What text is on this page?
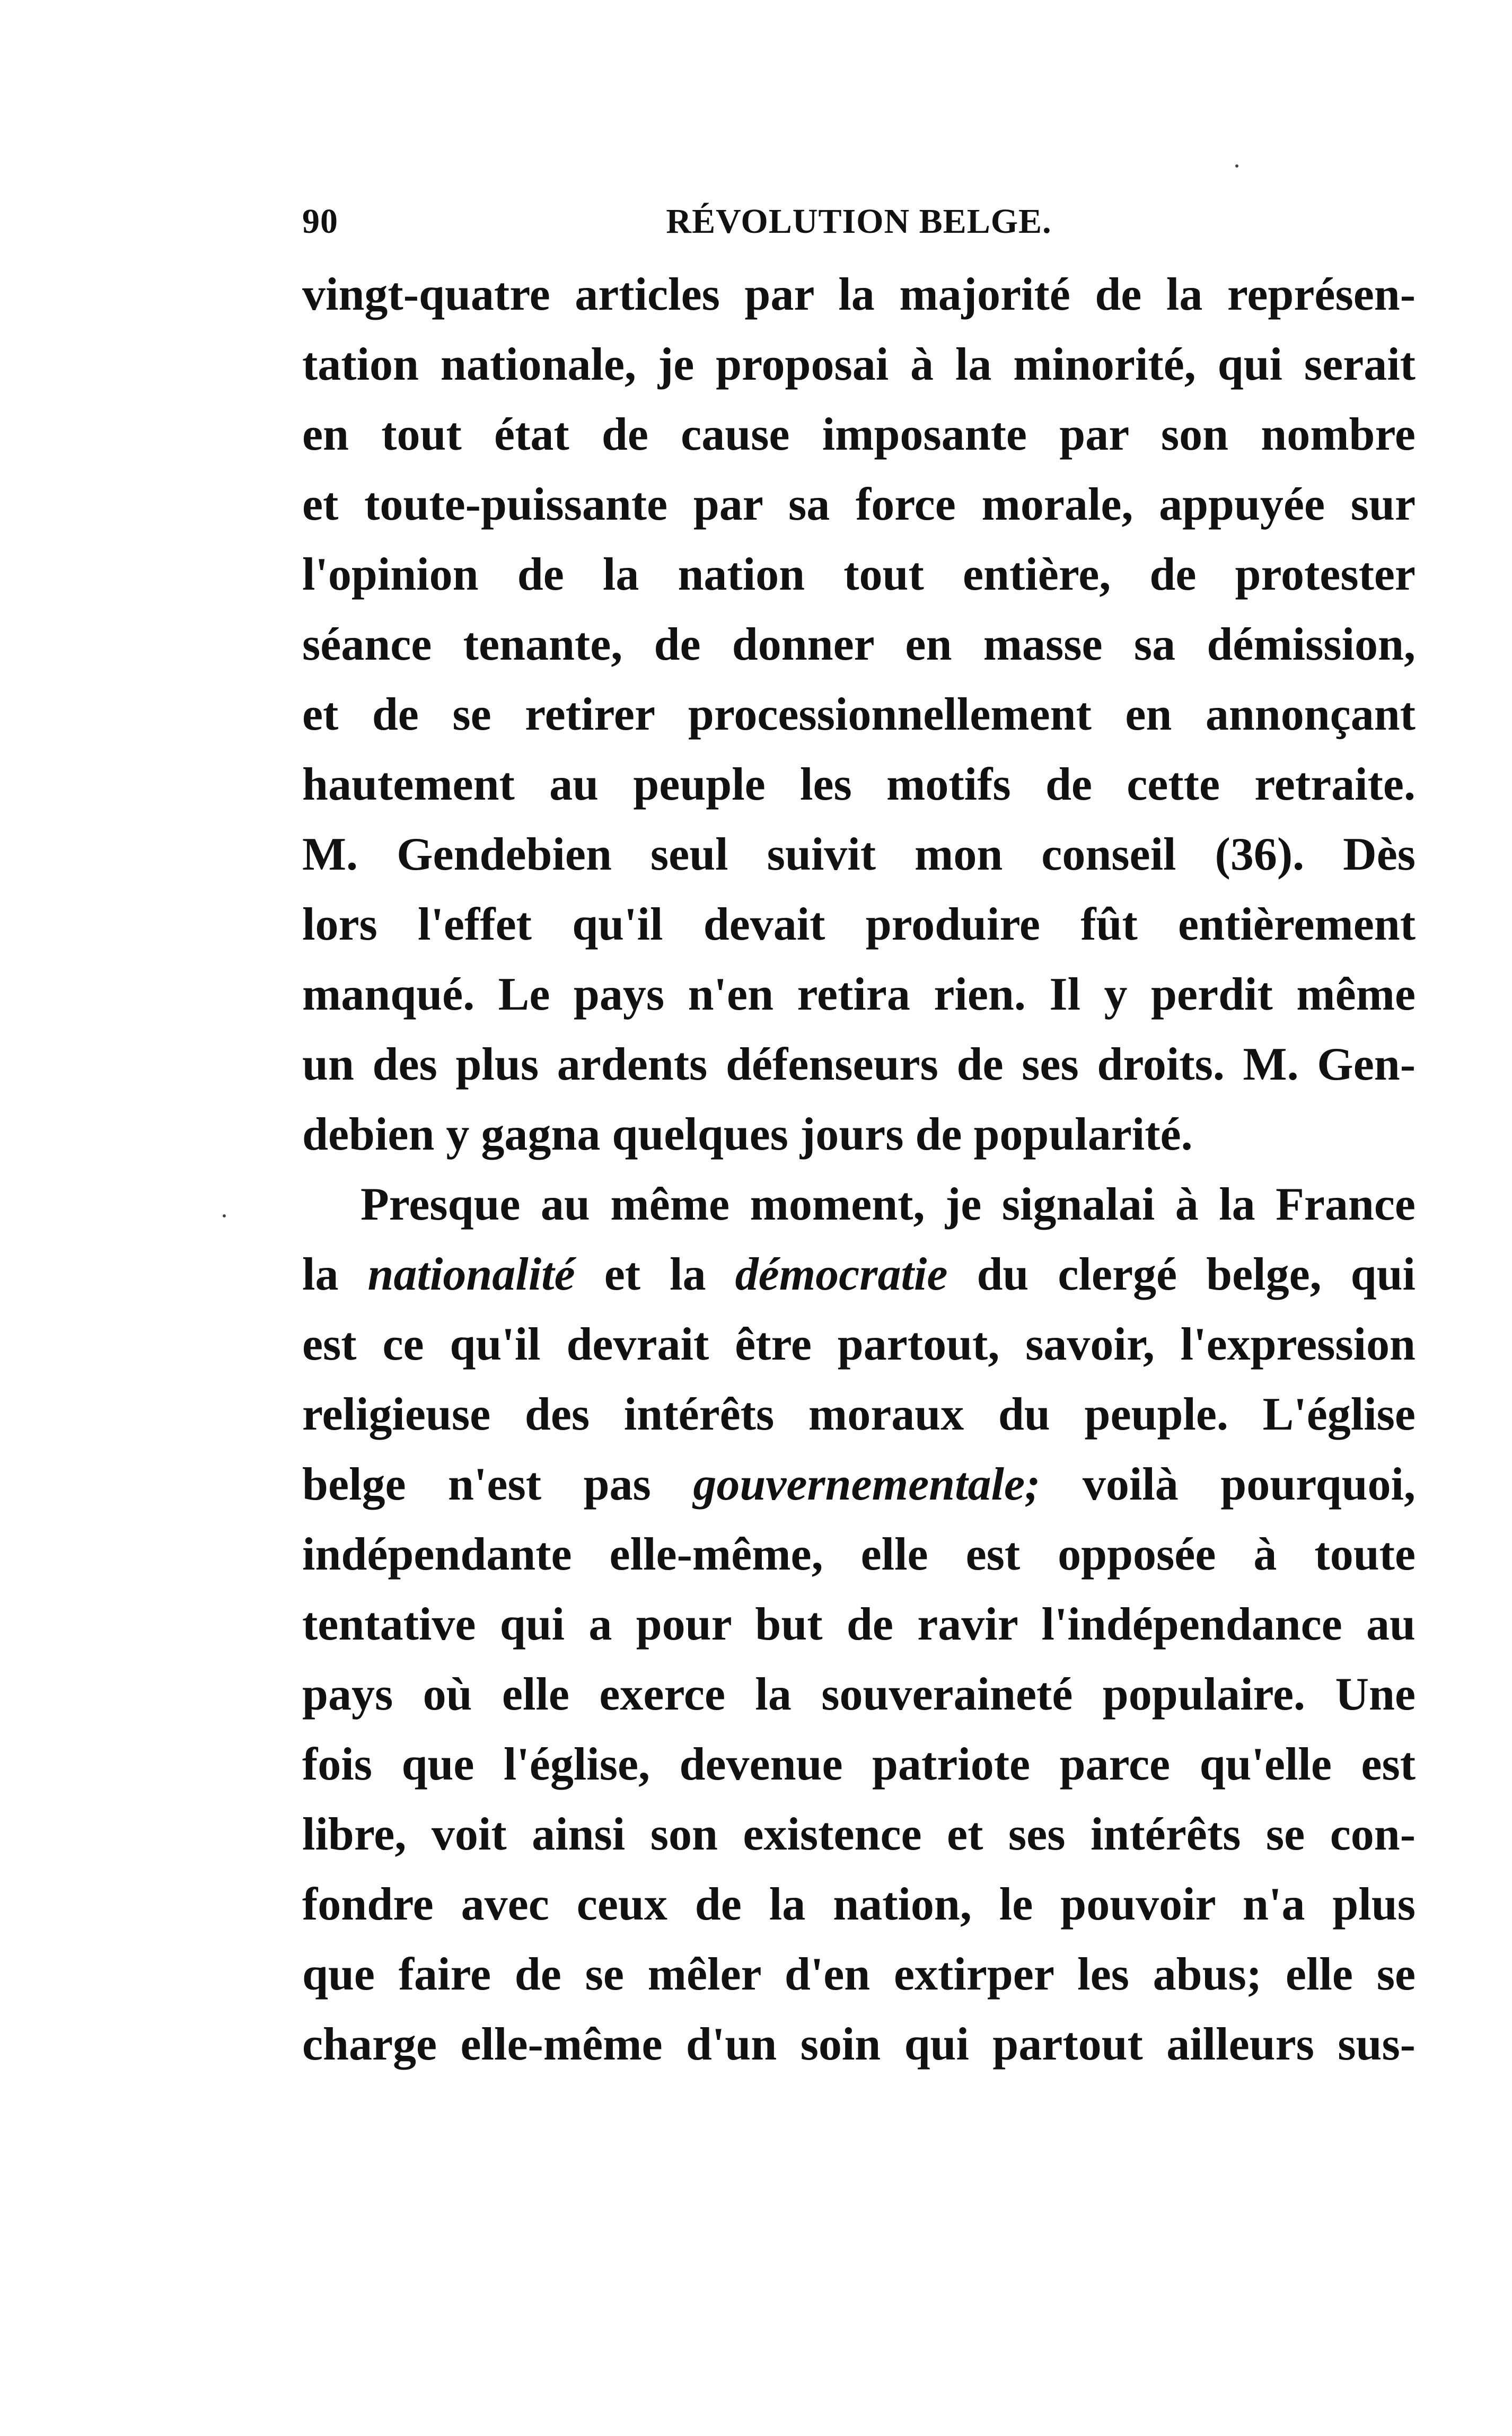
90	RÉVOLUTION BELGE.
vingt-quatre articles par la majorité de la représen-
tation nationale, je proposai à la minorité, qui serait
en tout état de cause imposante par son nombre
et toute-puissante par sa force morale, appuyée sur
l'opinion de la nation tout entière, de protester
séance tenante, de donner en masse sa démission,
et de se retirer processionnellement en annonçant
hautement au peuple les motifs de cette retraite.
M. Gendebien seul suivit mon conseil (36). Dès
lors l'effet qu'il devait produire fût entièrement
manqué. Le pays n'en retira rien. Il y perdit même
un des plus ardents défenseurs de ses droits. M. Gen-
debien y gagna quelques jours de popularité.
Presque au même moment, je signalai à la France
la nationalité et la démocratie du clergé belge, qui
est ce qu'il devrait être partout, savoir, l'expression
religieuse des intérêts moraux du peuple. L'église
belge n'est pas gouvernementale; voilà pourquoi,
indépendante elle-même, elle est opposée à toute
tentative qui a pour but de ravir l'indépendance au
pays où elle exerce la souveraineté populaire. Une
fois que l'église, devenue patriote parce qu'elle est
libre, voit ainsi son existence et ses intérêts se con-
fondre avec ceux de la nation, le pouvoir n'a plus
que faire de se mêler d'en extirper les abus; elle se
charge elle-même d'un soin qui partout ailleurs sus-
